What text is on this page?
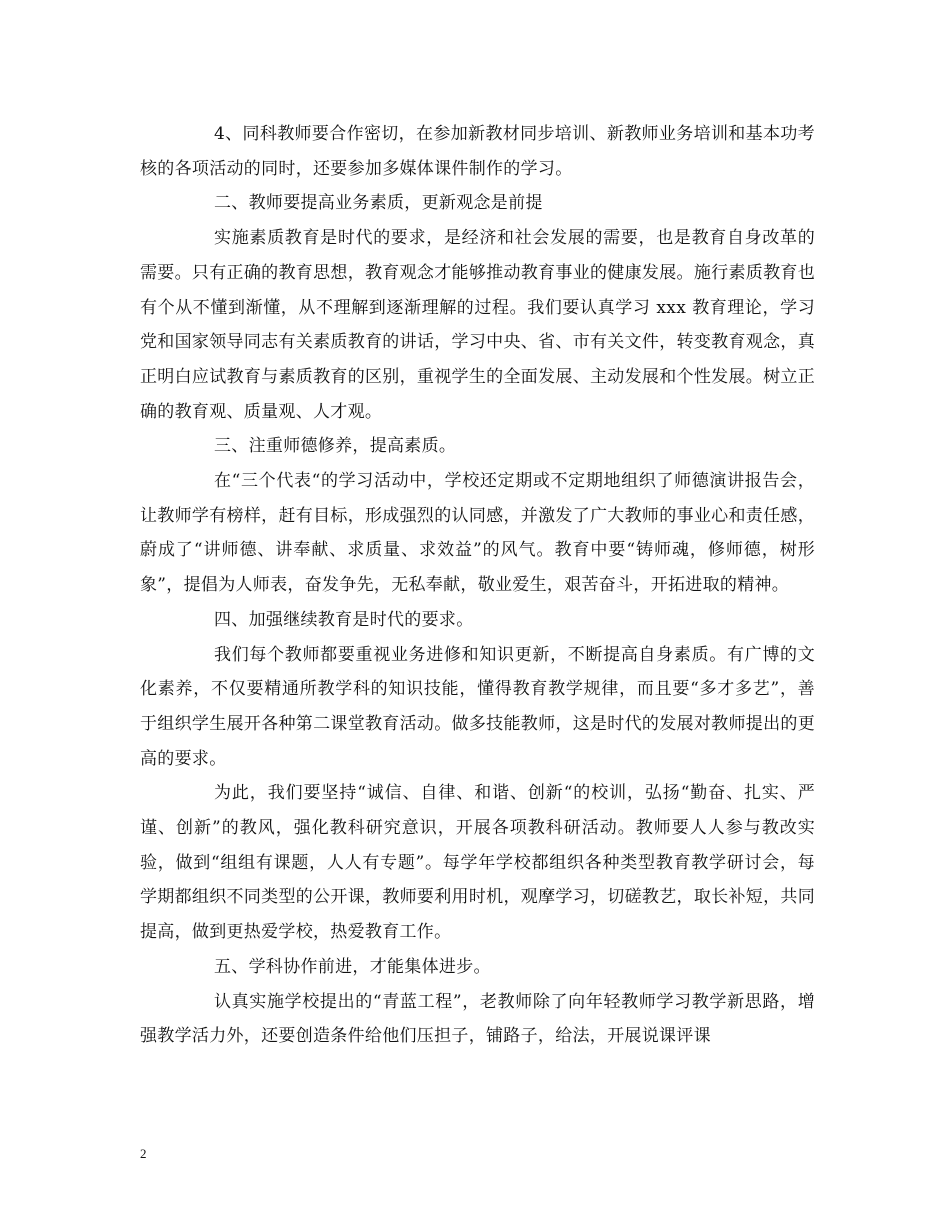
4、同科教师要合作密切，在参加新教材同步培训、新教师业务培训和基本功考核的各项活动的同时，还要参加多媒体课件制作的学习。

二、教师要提高业务素质，更新观念是前提

实施素质教育是时代的要求，是经济和社会发展的需要，也是教育自身改革的需要。只有正确的教育思想，教育观念才能够推动教育事业的健康发展。施行素质教育也有个从不懂到渐懂，从不理解到逐渐理解的过程。我们要认真学习 xxx 教育理论，学习党和国家领导同志有关素质教育的讲话，学习中央、省、市有关文件，转变教育观念，真正明白应试教育与素质教育的区别，重视学生的全面发展、主动发展和个性发展。树立正确的教育观、质量观、人才观。

三、注重师德修养，提高素质。

在“三个代表“的学习活动中，学校还定期或不定期地组织了师德演讲报告会，让教师学有榜样，赶有目标，形成强烈的认同感，并激发了广大教师的事业心和责任感，蔚成了“讲师德、讲奉献、求质量、求效益”的风气。教育中要“铸师魂，修师德，树形象”，提倡为人师表，奋发争先，无私奉献，敬业爱生，艰苦奋斗，开拓进取的精神。

四、加强继续教育是时代的要求。

我们每个教师都要重视业务进修和知识更新，不断提高自身素质。有广博的文化素养，不仅要精通所教学科的知识技能，懂得教育教学规律，而且要“多才多艺”，善于组织学生展开各种第二课堂教育活动。做多技能教师，这是时代的发展对教师提出的更高的要求。

为此，我们要坚持“诚信、自律、和谐、创新“的校训，弘扬“勤奋、扎实、严谨、创新”的教风，强化教科研究意识，开展各项教科研活动。教师要人人参与教改实验，做到“组组有课题，人人有专题”。每学年学校都组织各种类型教育教学研讨会，每学期都组织不同类型的公开课，教师要利用时机，观摩学习，切磋教艺，取长补短，共同提高，做到更热爱学校，热爱教育工作。

五、学科协作前进，才能集体进步。

认真实施学校提出的“青蓝工程”，老教师除了向年轻教师学习教学新思路，增强教学活力外，还要创造条件给他们压担子，铺路子，给法，开展说课评课

2
